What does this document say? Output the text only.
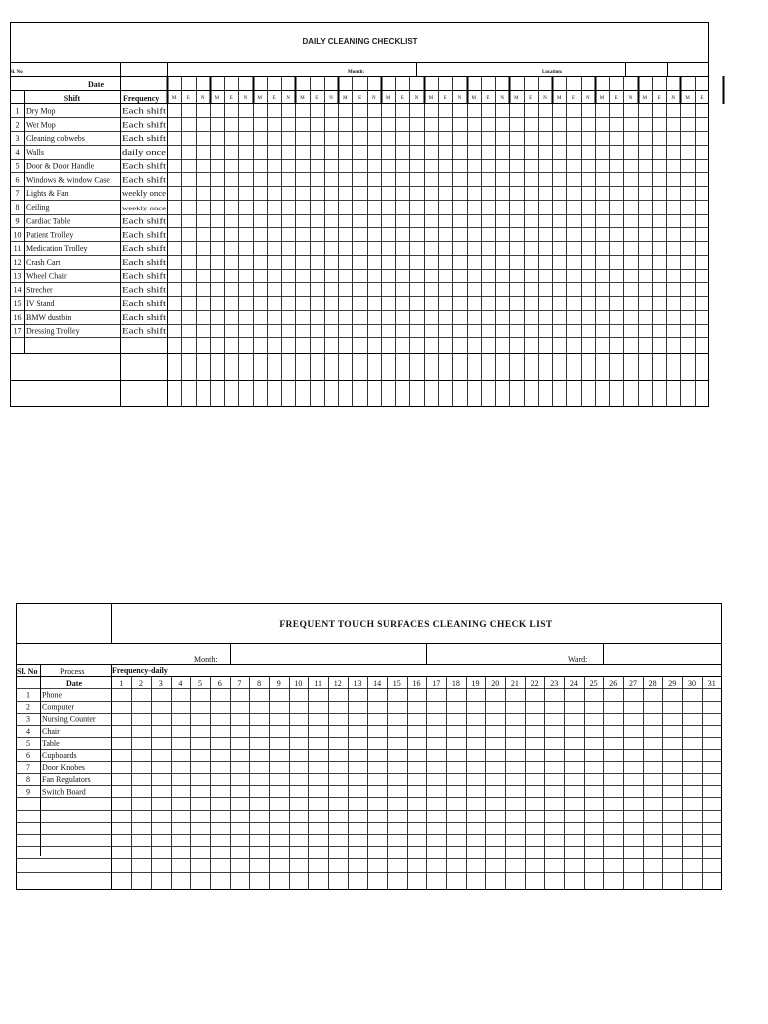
DAILY CLEANING CHECKLIST
Sl. No
Date
Month:	Location:
Shift	Frequency	M E N M E N M E N M E N M E N M E N M E N M E N M E N M E N M E N M E N M E
1 Dry Mop	Each shift
2 Wet Mop	Each shift
3 Cleaning cobwebs	Each shift
4 Walls	daily once
5 Door & Door Handle	Each shift
6 Windows & window Case Each shift
7 Lights & Fan	weekly once
8 Ceiling	weekly once
9 Cardiac Table	Each shift
10 Patient Trolley	Each shift
11 Medication Trolley	Each shift
12 Crash Cart	Each shift
13 Wheel Chair	Each shift
14 Strecher	Each shift
15 IV Stand	Each shift
16 BMW dustbin	Each shift
17 Dressing Trolley	Each shift
FREQUENT TOUCH SURFACES CLEANING CHECK LIST
Month:	Ward:
Sl. No	Process	Frequency-daily
Date	1 2 3 4 5 6 7 8 9 10 11 12 13 14 15 16 17 18 19 20 21 22 23 24 25 26 27 28 29 30 31
1 Phone
2 Computer
3 Nursing Counter
4 Chair
5 Table
6 Cupboards
7 Door Knobes
8 Fan Regulators
9 Switch Board
